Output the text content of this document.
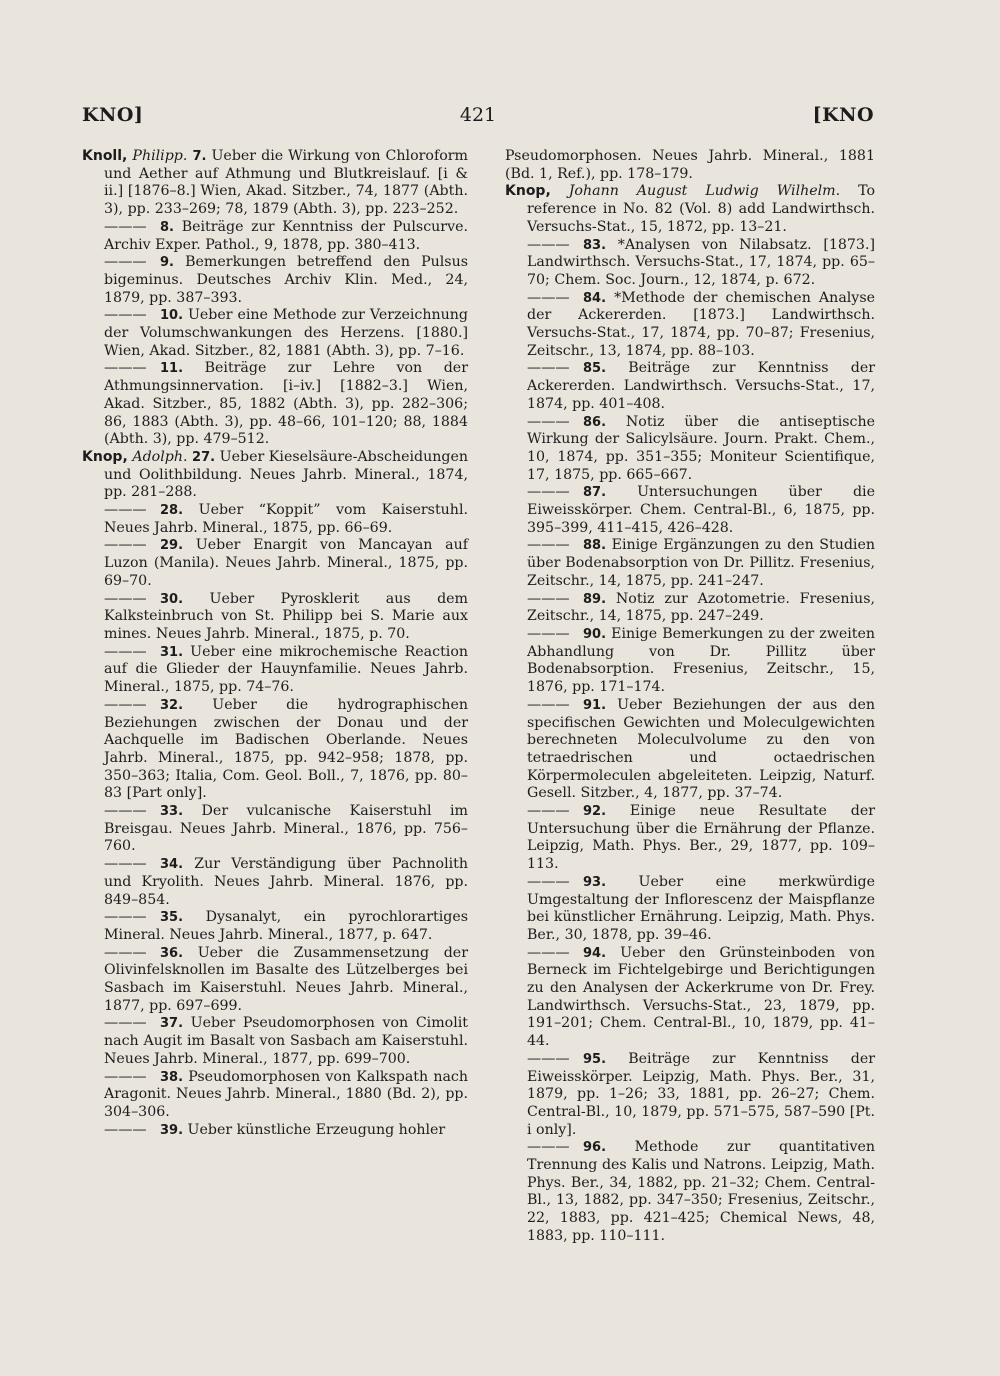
KNO]	421	[KNO
Knoll, Philipp. 7. Ueber die Wirkung von Chloroform und Aether auf Athmung und Blutkreislauf. [i & ii.] [1876–8.] Wien, Akad. Sitzber., 74, 1877 (Abth. 3), pp. 233–269; 78, 1879 (Abth. 3), pp. 223–252.
——— 8. Beiträge zur Kenntniss der Pulscurve. Archiv Exper. Pathol., 9, 1878, pp. 380–413.
——— 9. Bemerkungen betreffend den Pulsus bigeminus. Deutsches Archiv Klin. Med., 24, 1879, pp. 387–393.
——— 10. Ueber eine Methode zur Verzeichnung der Volumschwankungen des Herzens. [1880.] Wien, Akad. Sitzber., 82, 1881 (Abth. 3), pp. 7–16.
——— 11. Beiträge zur Lehre von der Athmungsinnervation. [i–iv.] [1882–3.] Wien, Akad. Sitzber., 85, 1882 (Abth. 3), pp. 282–306; 86, 1883 (Abth. 3), pp. 48–66, 101–120; 88, 1884 (Abth. 3), pp. 479–512.
Knop, Adolph. 27. Ueber Kieselsäure-Abscheidungen und Oolithbildung. Neues Jahrb. Mineral., 1874, pp. 281–288.
——— 28. Ueber “Koppit” vom Kaiserstuhl. Neues Jahrb. Mineral., 1875, pp. 66–69.
——— 29. Ueber Enargit von Mancayan auf Luzon (Manila). Neues Jahrb. Mineral., 1875, pp. 69–70.
——— 30. Ueber Pyrosklerit aus dem Kalksteinbruch von St. Philipp bei S. Marie aux mines. Neues Jahrb. Mineral., 1875, p. 70.
——— 31. Ueber eine mikrochemische Reaction auf die Glieder der Hauynfamilie. Neues Jahrb. Mineral., 1875, pp. 74–76.
——— 32. Ueber die hydrographischen Beziehungen zwischen der Donau und der Aachquelle im Badischen Oberlande. Neues Jahrb. Mineral., 1875, pp. 942–958; 1878, pp. 350–363; Italia, Com. Geol. Boll., 7, 1876, pp. 80–83 [Part only].
——— 33. Der vulcanische Kaiserstuhl im Breisgau. Neues Jahrb. Mineral., 1876, pp. 756–760.
——— 34. Zur Verständigung über Pachnolith und Kryolith. Neues Jahrb. Mineral. 1876, pp. 849–854.
——— 35. Dysanalyt, ein pyrochlorartiges Mineral. Neues Jahrb. Mineral., 1877, p. 647.
——— 36. Ueber die Zusammensetzung der Olivinfelsknollen im Basalte des Lützelberges bei Sasbach im Kaiserstuhl. Neues Jahrb. Mineral., 1877, pp. 697–699.
——— 37. Ueber Pseudomorphosen von Cimolit nach Augit im Basalt von Sasbach am Kaiserstuhl. Neues Jahrb. Mineral., 1877, pp. 699–700.
——— 38. Pseudomorphosen von Kalkspath nach Aragonit. Neues Jahrb. Mineral., 1880 (Bd. 2), pp. 304–306.
——— 39. Ueber künstliche Erzeugung hohler
Pseudomorphosen. Neues Jahrb. Mineral., 1881 (Bd. 1, Ref.), pp. 178–179.
Knop, Johann August Ludwig Wilhelm. To reference in No. 82 (Vol. 8) add Landwirthsch. Versuchs-Stat., 15, 1872, pp. 13–21.
——— 83. *Analysen von Nilabsatz. [1873.] Landwirthsch. Versuchs-Stat., 17, 1874, pp. 65–70; Chem. Soc. Journ., 12, 1874, p. 672.
——— 84. *Methode der chemischen Analyse der Ackererden. [1873.] Landwirthsch. Versuchs-Stat., 17, 1874, pp. 70–87; Fresenius, Zeitschr., 13, 1874, pp. 88–103.
——— 85. Beiträge zur Kenntniss der Ackererden. Landwirthsch. Versuchs-Stat., 17, 1874, pp. 401–408.
——— 86. Notiz über die antiseptische Wirkung der Salicylsäure. Journ. Prakt. Chem., 10, 1874, pp. 351–355; Moniteur Scientifique, 17, 1875, pp. 665–667.
——— 87. Untersuchungen über die Eiweisskörper. Chem. Central-Bl., 6, 1875, pp. 395–399, 411–415, 426–428.
——— 88. Einige Ergänzungen zu den Studien über Bodenabsorption von Dr. Pillitz. Fresenius, Zeitschr., 14, 1875, pp. 241–247.
——— 89. Notiz zur Azotometrie. Fresenius, Zeitschr., 14, 1875, pp. 247–249.
——— 90. Einige Bemerkungen zu der zweiten Abhandlung von Dr. Pillitz über Bodenabsorption. Fresenius, Zeitschr., 15, 1876, pp. 171–174.
——— 91. Ueber Beziehungen der aus den specifischen Gewichten und Moleculgewichten berechneten Moleculvolume zu den von tetraedrischen und octaedrischen Körpermoleculen abgeleiteten. Leipzig, Naturf. Gesell. Sitzber., 4, 1877, pp. 37–74.
——— 92. Einige neue Resultate der Untersuchung über die Ernährung der Pflanze. Leipzig, Math. Phys. Ber., 29, 1877, pp. 109–113.
——— 93. Ueber eine merkwürdige Umgestaltung der Inflorescenz der Maispflanze bei künstlicher Ernährung. Leipzig, Math. Phys. Ber., 30, 1878, pp. 39–46.
——— 94. Ueber den Grünsteinboden von Berneck im Fichtelgebirge und Berichtigungen zu den Analysen der Ackerkrume von Dr. Frey. Landwirthsch. Versuchs-Stat., 23, 1879, pp. 191–201; Chem. Central-Bl., 10, 1879, pp. 41–44.
——— 95. Beiträge zur Kenntniss der Eiweisskörper. Leipzig, Math. Phys. Ber., 31, 1879, pp. 1–26; 33, 1881, pp. 26–27; Chem. Central-Bl., 10, 1879, pp. 571–575, 587–590 [Pt. i only].
——— 96. Methode zur quantitativen Trennung des Kalis und Natrons. Leipzig, Math. Phys. Ber., 34, 1882, pp. 21–32; Chem. Central-Bl., 13, 1882, pp. 347–350; Fresenius, Zeitschr., 22, 1883, pp. 421–425; Chemical News, 48, 1883, pp. 110–111.
